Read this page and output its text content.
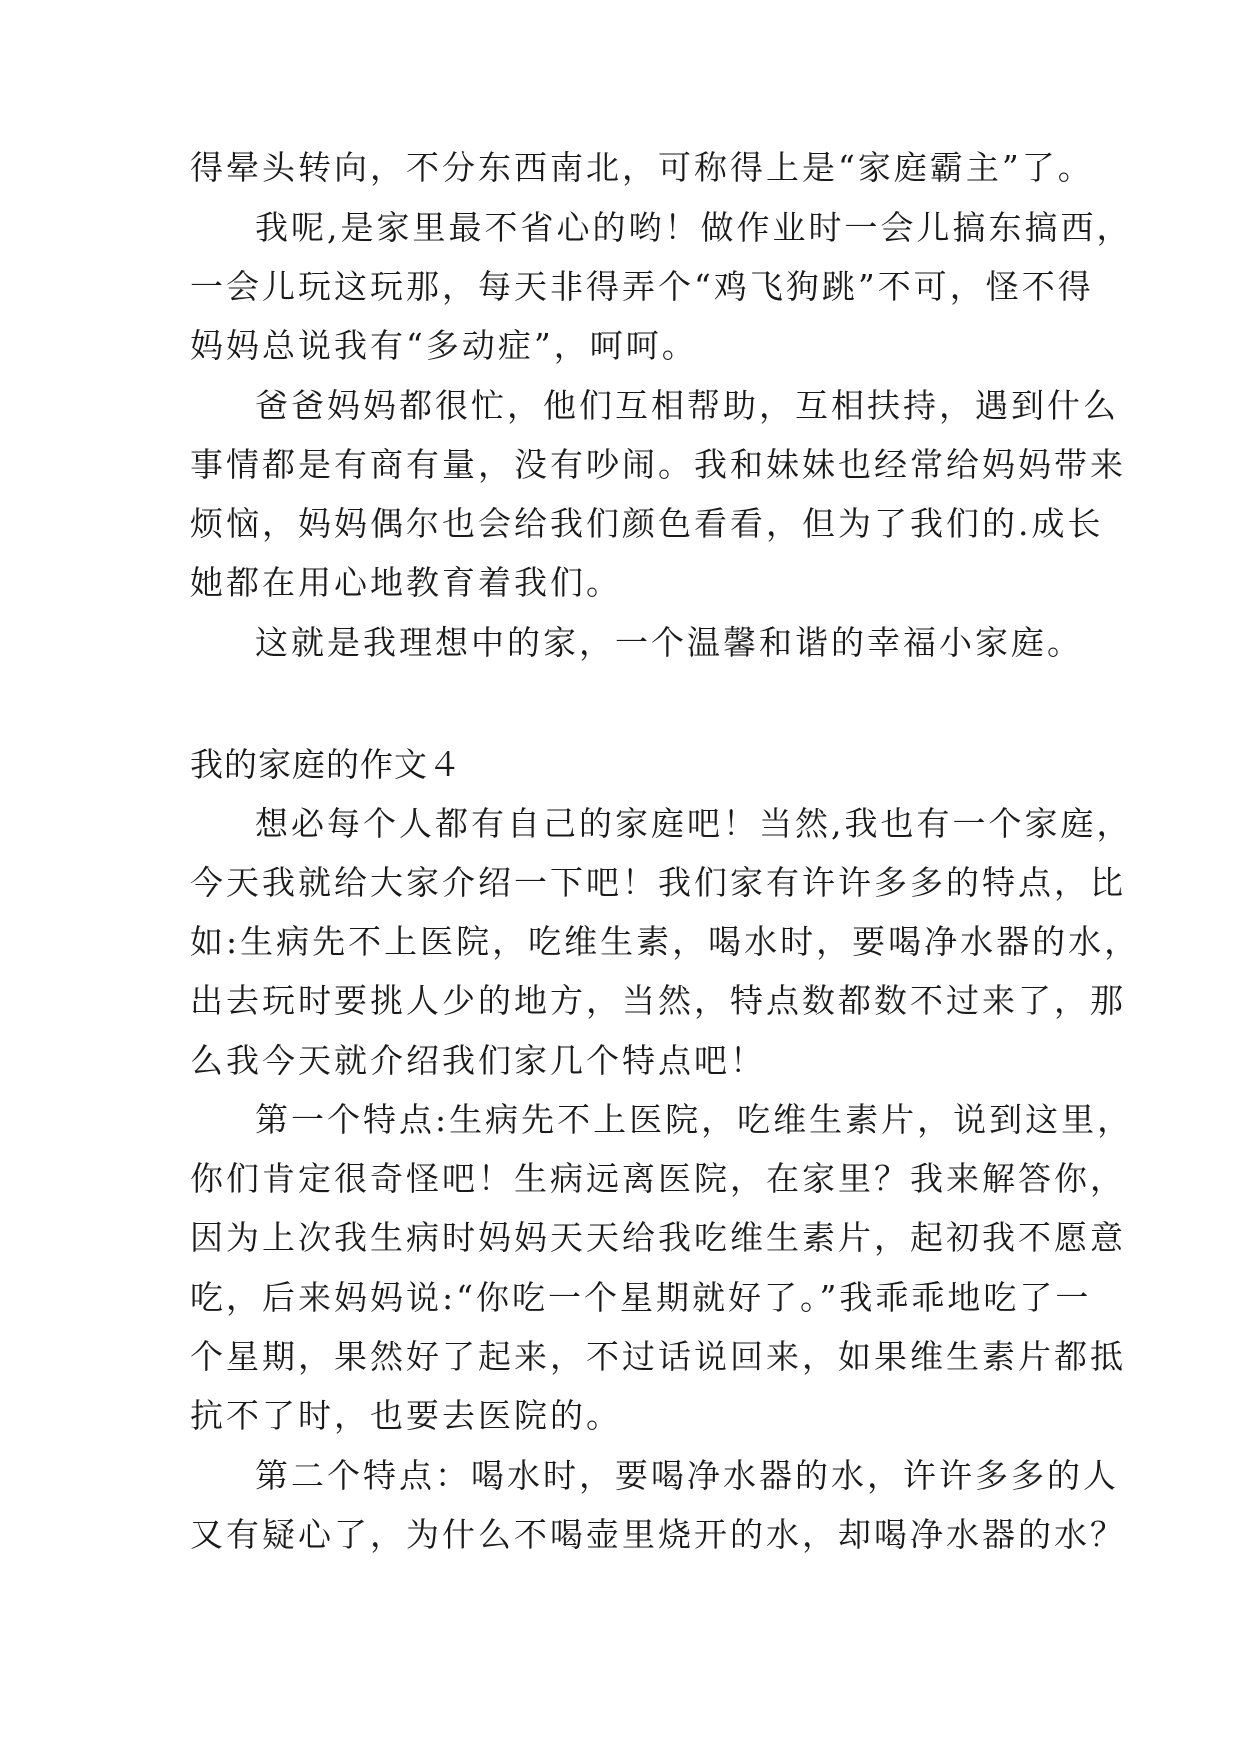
得晕头转向，不分东西南北，可称得上是“家庭霸主”了。
我呢,是家里最不省心的哟！做作业时一会儿搞东搞西，
一会儿玩这玩那，每天非得弄个“鸡飞狗跳”不可，怪不得
妈妈总说我有“多动症”，呵呵。
爸爸妈妈都很忙，他们互相帮助，互相扶持，遇到什么
事情都是有商有量，没有吵闹。我和妹妹也经常给妈妈带来
烦恼，妈妈偶尔也会给我们颜色看看，但为了我们的.成长
她都在用心地教育着我们。
这就是我理想中的家，一个温馨和谐的幸福小家庭。
我的家庭的作文４
想必每个人都有自己的家庭吧！当然,我也有一个家庭，
今天我就给大家介绍一下吧！我们家有许许多多的特点，比
如:生病先不上医院，吃维生素，喝水时，要喝净水器的水，
出去玩时要挑人少的地方，当然，特点数都数不过来了，那
么我今天就介绍我们家几个特点吧！
第一个特点:生病先不上医院，吃维生素片，说到这里，
你们肯定很奇怪吧！生病远离医院，在家里？我来解答你，
因为上次我生病时妈妈天天给我吃维生素片，起初我不愿意
吃，后来妈妈说:“你吃一个星期就好了。”我乖乖地吃了一
个星期，果然好了起来，不过话说回来，如果维生素片都抵
抗不了时，也要去医院的。
第二个特点：喝水时，要喝净水器的水，许许多多的人
又有疑心了，为什么不喝壶里烧开的水，却喝净水器的水？
